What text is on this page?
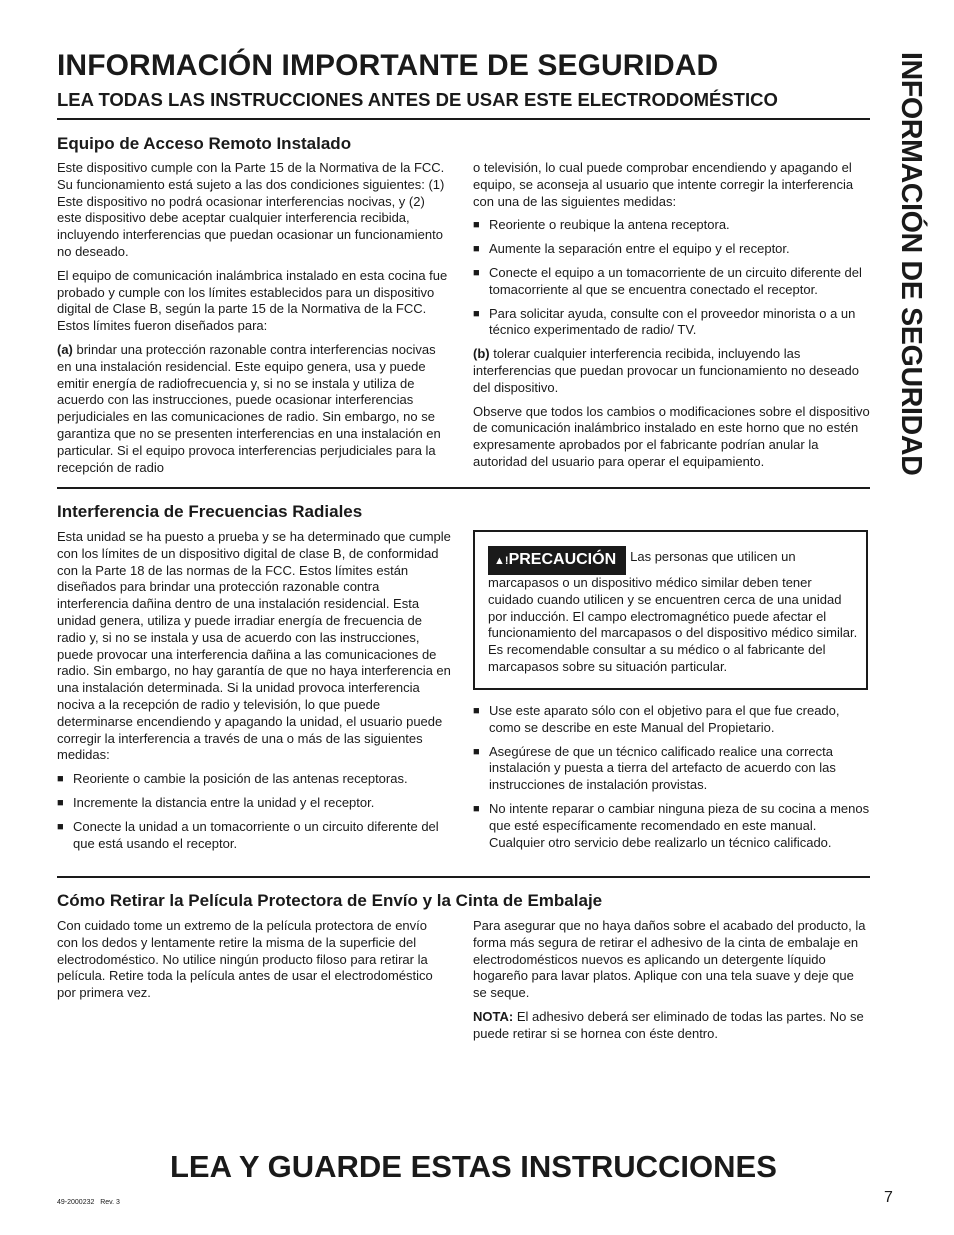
INFORMACIÓN IMPORTANTE DE SEGURIDAD
LEA TODAS LAS INSTRUCCIONES ANTES DE USAR ESTE ELECTRODOMÉSTICO	INFORMACIÓN DE SEGURIDAD
Equipo de Acceso Remoto Instalado

Este dispositivo cumple con la Parte 15 de la Normativa de la FCC. Su funcionamiento está sujeto a las dos condiciones siguientes: (1) Este dispositivo no podrá ocasionar interferencias nocivas, y (2) este dispositivo debe aceptar cualquier interferencia recibida, incluyendo interferencias que puedan ocasionar un funcionamiento no deseado.

El equipo de comunicación inalámbrica instalado en esta cocina fue probado y cumple con los límites establecidos para un dispositivo digital de Clase B, según la parte 15 de la Normativa de la FCC. Estos límites fueron diseñados para:

(a) brindar una protección razonable contra interferencias nocivas en una instalación residencial. Este equipo genera, usa y puede emitir energía de radiofrecuencia y, si no se instala y utiliza de acuerdo con las instrucciones, puede ocasionar interferencias perjudiciales en las comunicaciones de radio. Sin embargo, no se garantiza que no se presenten interferencias en una instalación en particular. Si el equipo provoca interferencias perjudiciales para la recepción de radio

o televisión, lo cual puede comprobar encendiendo y apagando el equipo, se aconseja al usuario que intente corregir la interferencia con una de las siguientes medidas:

■ Reoriente o reubique la antena receptora.
■ Aumente la separación entre el equipo y el receptor.
■ Conecte el equipo a un tomacorriente de un circuito diferente del tomacorriente al que se encuentra conectado el receptor.
■ Para solicitar ayuda, consulte con el proveedor minorista o a un técnico experimentado de radio/ TV.

(b) tolerar cualquier interferencia recibida, incluyendo las interferencias que puedan provocar un funcionamiento no deseado del dispositivo.

Observe que todos los cambios o modificaciones sobre el dispositivo de comunicación inalámbrico instalado en este horno que no estén expresamente aprobados por el fabricante podrían anular la autoridad del usuario para operar el equipamiento.

Interferencia de Frecuencias Radiales

Esta unidad se ha puesto a prueba y se ha determinado que cumple con los límites de un dispositivo digital de clase B, de conformidad con la Parte 18 de las normas de la FCC. Estos límites están diseñados para brindar una protección razonable contra interferencia dañina dentro de una instalación residencial. Esta unidad genera, utiliza y puede irradiar energía de frecuencia de radio y, si no se instala y usa de acuerdo con las instrucciones, puede provocar una interferencia dañina a las comunicaciones de radio. Sin embargo, no hay garantía de que no haya interferencia en una instalación determinada. Si la unidad provoca interferencia nociva a la recepción de radio y televisión, lo que puede determinarse encendiendo y apagando la unidad, el usuario puede corregir la interferencia a través de una o más de las siguientes medidas:

■ Reoriente o cambie la posición de las antenas receptoras.
■ Incremente la distancia entre la unidad y el receptor.
■ Conecte la unidad a un tomacorriente o un circuito diferente del que está usando el receptor.
▲!PRECAUCIÓN Las personas que utilicen un marcapasos o un dispositivo médico similar deben tener cuidado cuando utilicen y se encuentren cerca de una unidad por inducción. El campo electromagnético puede afectar el funcionamiento del marcapasos o del dispositivo médico similar. Es recomendable consultar a su médico o al fabricante del marcapasos sobre su situación particular.
■ Use este aparato sólo con el objetivo para el que fue creado, como se describe en este Manual del Propietario.
■ Asegúrese de que un técnico calificado realice una correcta instalación y puesta a tierra del artefacto de acuerdo con las instrucciones de instalación provistas.
■ No intente reparar o cambiar ninguna pieza de su cocina a menos que esté específicamente recomendado en este manual. Cualquier otro servicio debe realizarlo un técnico calificado.
Cómo Retirar la Película Protectora de Envío y la Cinta de Embalaje

Con cuidado tome un extremo de la película protectora de envío con los dedos y lentamente retire la misma de la superficie del electrodoméstico. No utilice ningún producto filoso para retirar la película. Retire toda la película antes de usar el electrodoméstico por primera vez.

Para asegurar que no haya daños sobre el acabado del producto, la forma más segura de retirar el adhesivo de la cinta de embalaje en electrodomésticos nuevos es aplicando un detergente líquido hogareño para lavar platos. Aplique con una tela suave y deje que se seque.

NOTA: El adhesivo deberá ser eliminado de todas las partes. No se puede retirar si se hornea con éste dentro.

LEA Y GUARDE ESTAS INSTRUCCIONES
49-2000232   Rev. 3	7
